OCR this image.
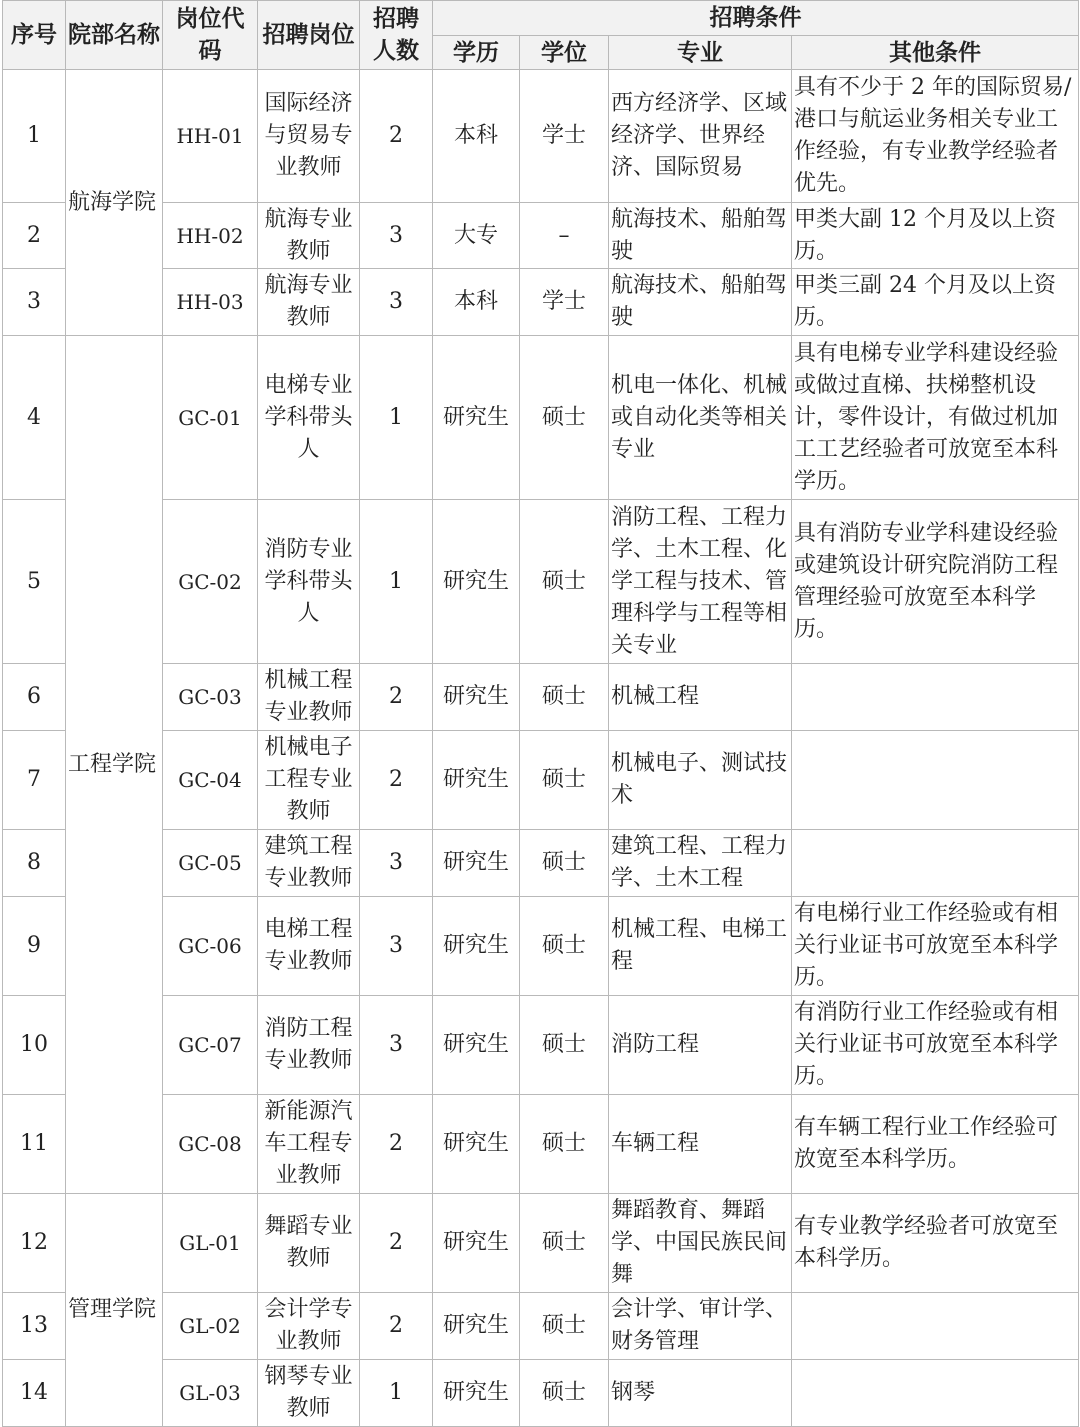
序号	院部名称	岗位代码	招聘岗位	招聘人数	招聘条件			
					学历	学位	专业	其他条件
1	航海学院	HH-01	国际经济与贸易专业教师	2	本科	学士	西方经济学、区域经济学、世界经济、国际贸易	具有不少于 2 年的国际贸易/港口与航运业务相关专业工作经验，有专业教学经验者优先。
2		HH-02	航海专业教师	3	大专	–	航海技术、船舶驾驶	甲类大副 12 个月及以上资历。
3		HH-03	航海专业教师	3	本科	学士	航海技术、船舶驾驶	甲类三副 24 个月及以上资历。
4	工程学院	GC-01	电梯专业学科带头人	1	研究生	硕士	机电一体化、机械或自动化类等相关专业	具有电梯专业学科建设经验或做过直梯、扶梯整机设计，零件设计，有做过机加工工艺经验者可放宽至本科学历。
5		GC-02	消防专业学科带头人	1	研究生	硕士	消防工程、工程力学、土木工程、化学工程与技术、管理科学与工程等相关专业	具有消防专业学科建设经验或建筑设计研究院消防工程管理经验可放宽至本科学历。
6		GC-03	机械工程专业教师	2	研究生	硕士	机械工程	
7		GC-04	机械电子工程专业教师	2	研究生	硕士	机械电子、测试技术	
8		GC-05	建筑工程专业教师	3	研究生	硕士	建筑工程、工程力学、土木工程	
9		GC-06	电梯工程专业教师	3	研究生	硕士	机械工程、电梯工程	有电梯行业工作经验或有相关行业证书可放宽至本科学历。
10		GC-07	消防工程专业教师	3	研究生	硕士	消防工程	有消防行业工作经验或有相关行业证书可放宽至本科学历。
11		GC-08	新能源汽车工程专业教师	2	研究生	硕士	车辆工程	有车辆工程行业工作经验可放宽至本科学历。
12	管理学院	GL-01	舞蹈专业教师	2	研究生	硕士	舞蹈教育、舞蹈学、中国民族民间舞	有专业教学经验者可放宽至本科学历。
13		GL-02	会计学专业教师	2	研究生	硕士	会计学、审计学、财务管理	
14		GL-03	钢琴专业教师	1	研究生	硕士	钢琴	
